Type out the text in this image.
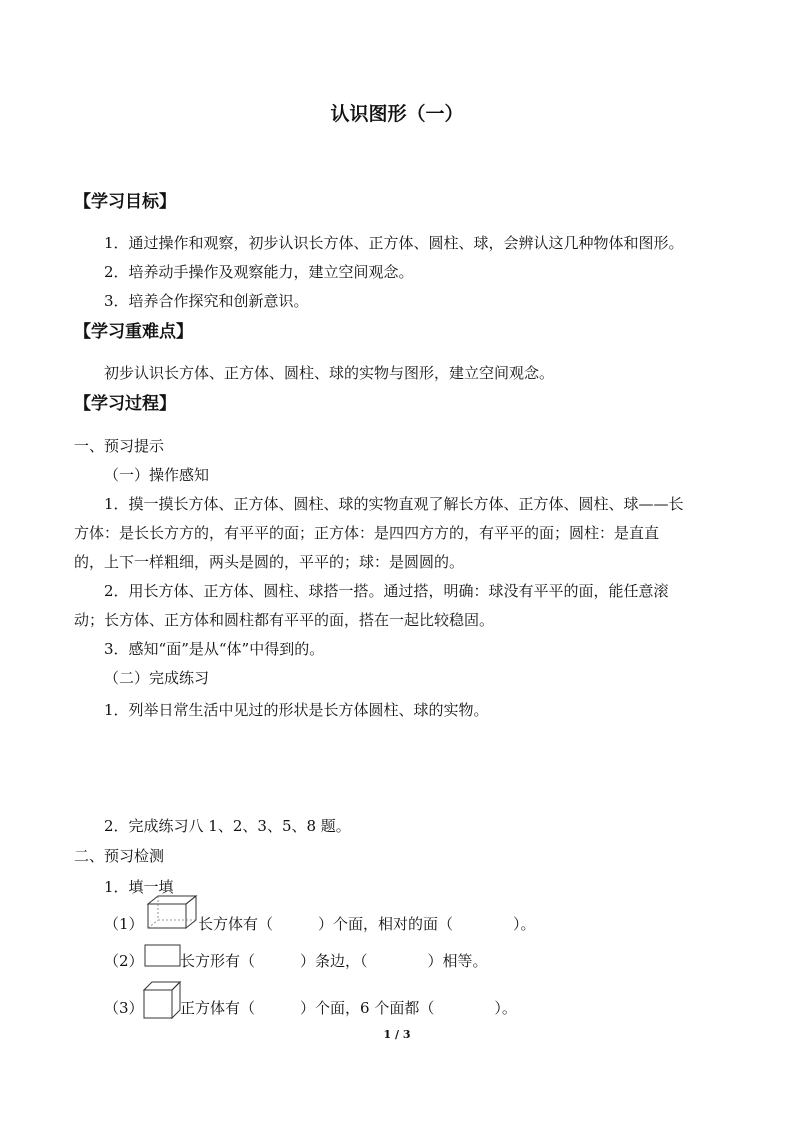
认识图形（一）
【学习目标】
1．通过操作和观察，初步认识长方体、正方体、圆柱、球，会辨认这几种物体和图形。
2．培养动手操作及观察能力，建立空间观念。
3．培养合作探究和创新意识。
【学习重难点】
初步认识长方体、正方体、圆柱、球的实物与图形，建立空间观念。
【学习过程】
一、预习提示
（一）操作感知
1．摸一摸长方体、正方体、圆柱、球的实物直观了解长方体、正方体、圆柱、球——长
方体：是长长方方的，有平平的面；正方体：是四四方方的，有平平的面；圆柱：是直直
的，上下一样粗细，两头是圆的，平平的；球：是圆圆的。
2．用长方体、正方体、圆柱、球搭一搭。通过搭，明确：球没有平平的面，能任意滚
动；长方体、正方体和圆柱都有平平的面，搭在一起比较稳固。
3．感知“面”是从“体”中得到的。
（二）完成练习
1．列举日常生活中见过的形状是长方体圆柱、球的实物。
2．完成练习八 1、2、3、5、8 题。
二、预习检测
1．填一填
（1）	长方体有（　　　）个面，相对的面（　　　　）。
（2） 长方形有（　　　）条边，（　　　　）相等。
（3） 正方体有（　　　）个面，6 个面都（　　　　）。
1 / 3
